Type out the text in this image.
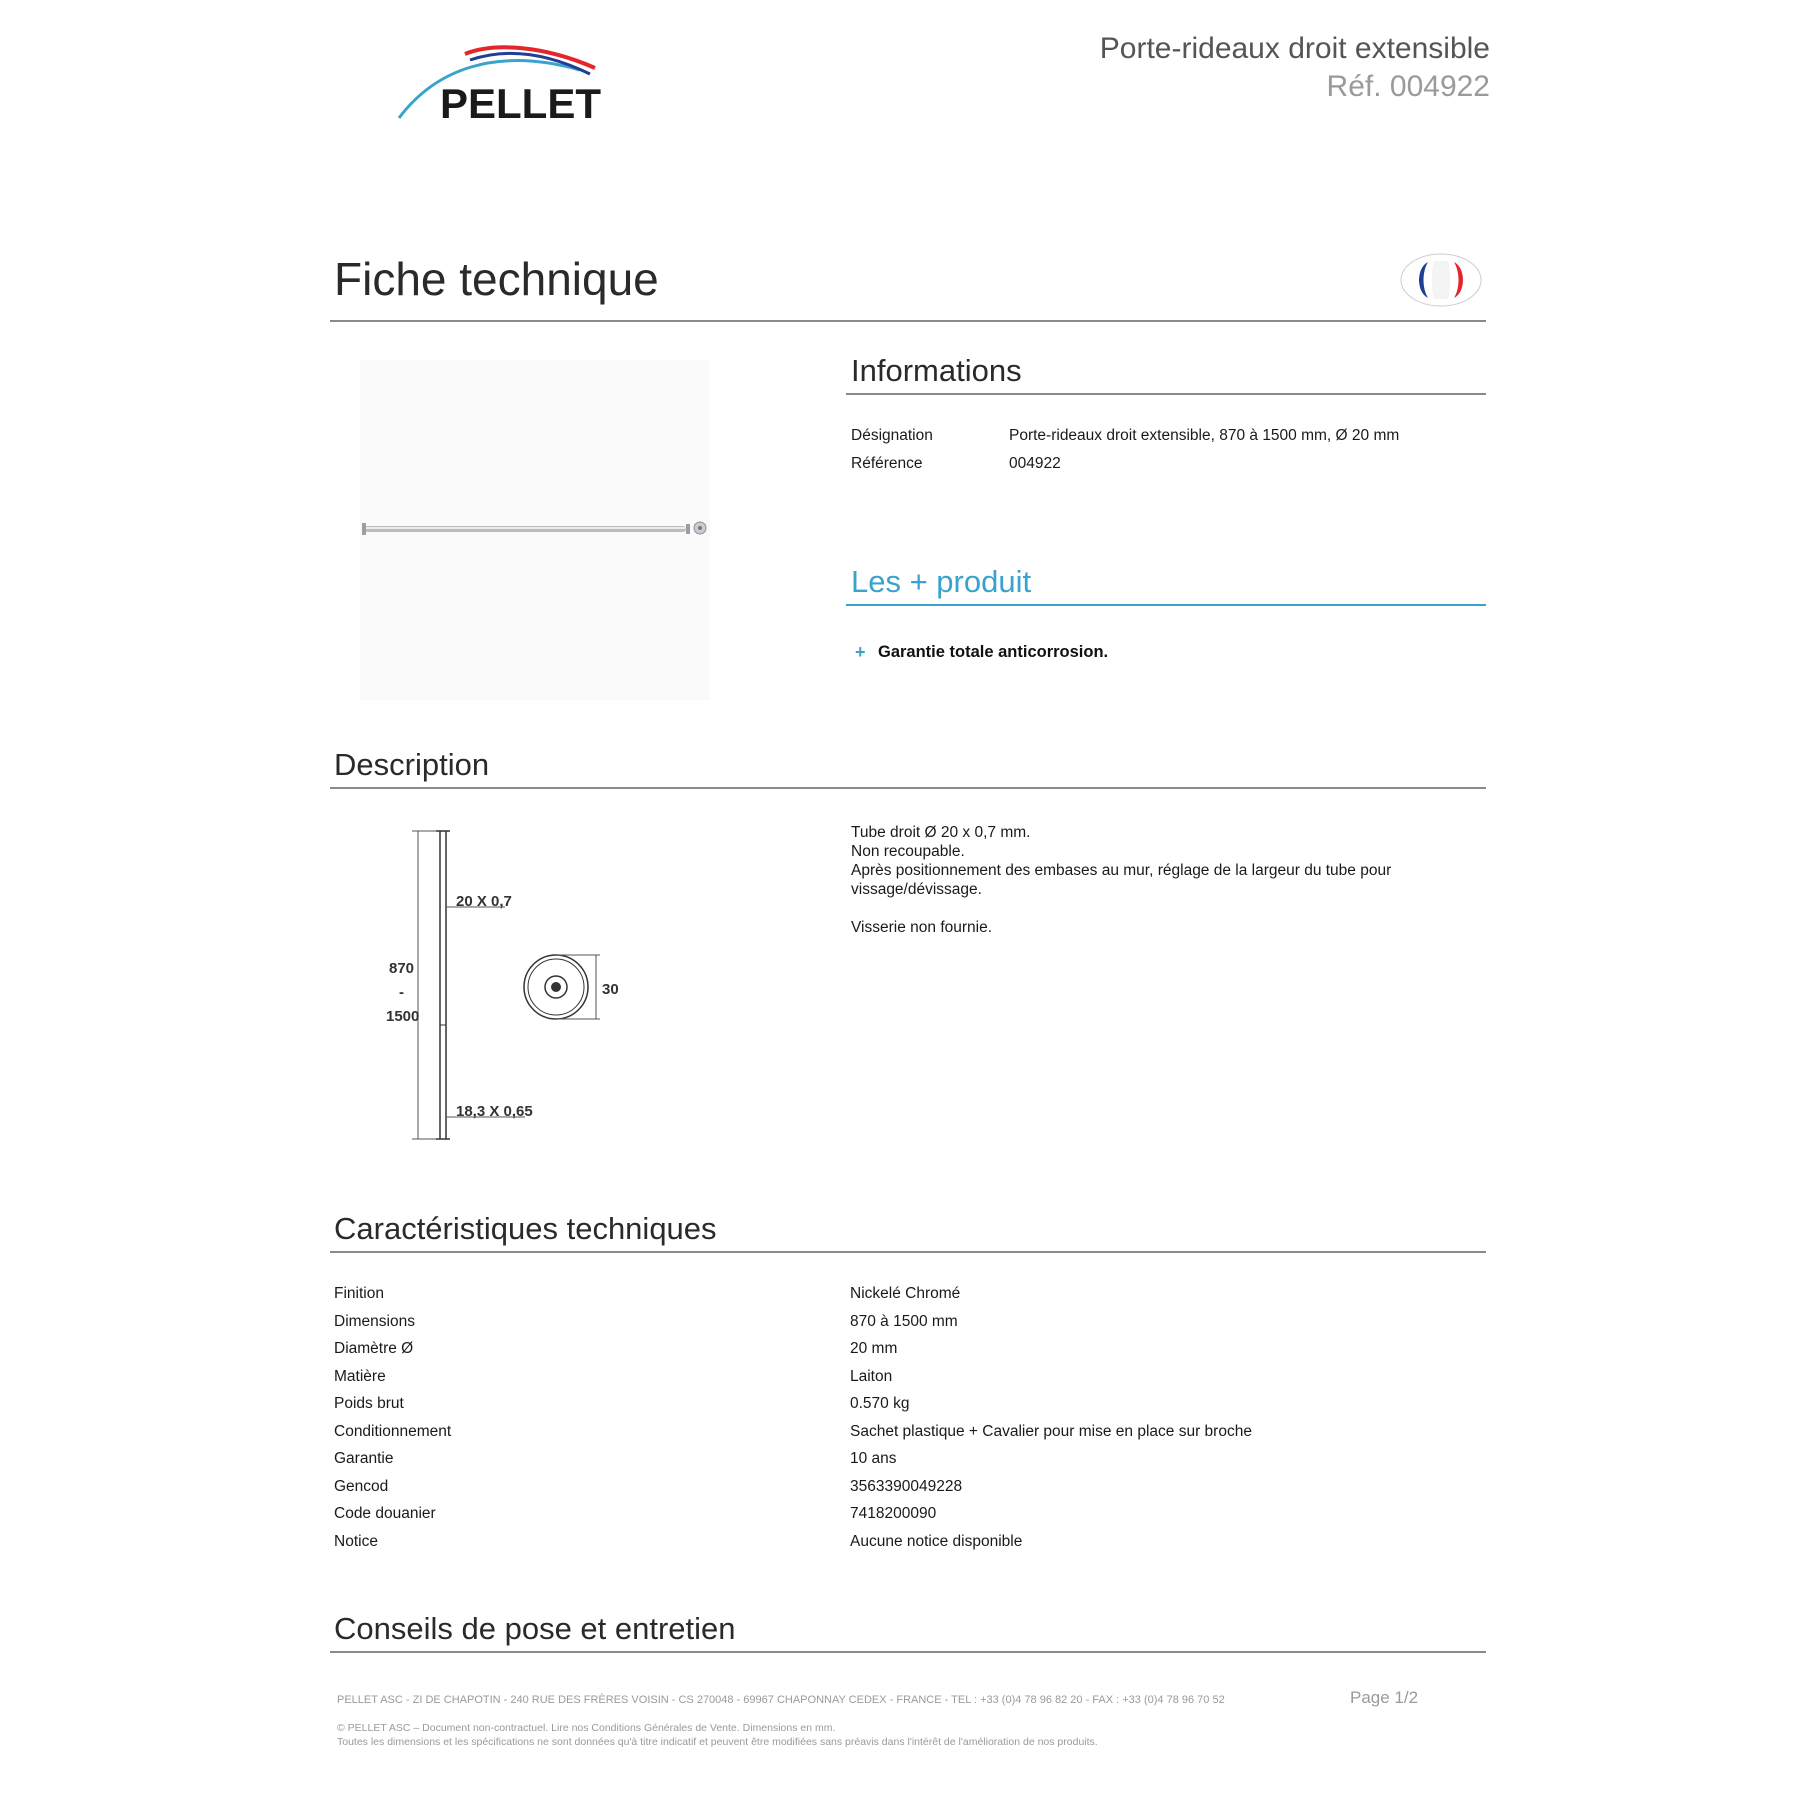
PELLET
Porte-rideaux droit extensible
Réf. 004922
Fiche technique
Informations
Désignation	Porte-rideaux droit extensible, 870 à 1500 mm, Ø 20 mm
Référence	004922
Les + produit
+ Garantie totale anticorrosion.
Description
20 X 0,7
18,3 X 0,65
870
-
1500
30
Tube droit Ø 20 x 0,7 mm.
Non recoupable.
Après positionnement des embases au mur, réglage de la largeur du tube pour
vissage/dévissage.
Visserie non fournie.
Caractéristiques techniques
Finition	Nickelé Chromé
Dimensions	870 à 1500 mm
Diamètre Ø	20 mm
Matière	Laiton
Poids brut	0.570 kg
Conditionnement	Sachet plastique + Cavalier pour mise en place sur broche
Garantie	10 ans
Gencod	3563390049228
Code douanier	7418200090
Notice	Aucune notice disponible
Conseils de pose et entretien
PELLET ASC - ZI DE CHAPOTIN - 240 RUE DES FRÈRES VOISIN - CS 270048 - 69967 CHAPONNAY CEDEX - FRANCE - TEL : +33 (0)4 78 96 82 20 - FAX : +33 (0)4 78 96 70 52	Page 1/2
© PELLET ASC – Document non-contractuel. Lire nos Conditions Générales de Vente. Dimensions en mm.
Toutes les dimensions et les spécifications ne sont données qu'à titre indicatif et peuvent être modifiées sans préavis dans l'intérêt de l'amélioration de nos produits.
